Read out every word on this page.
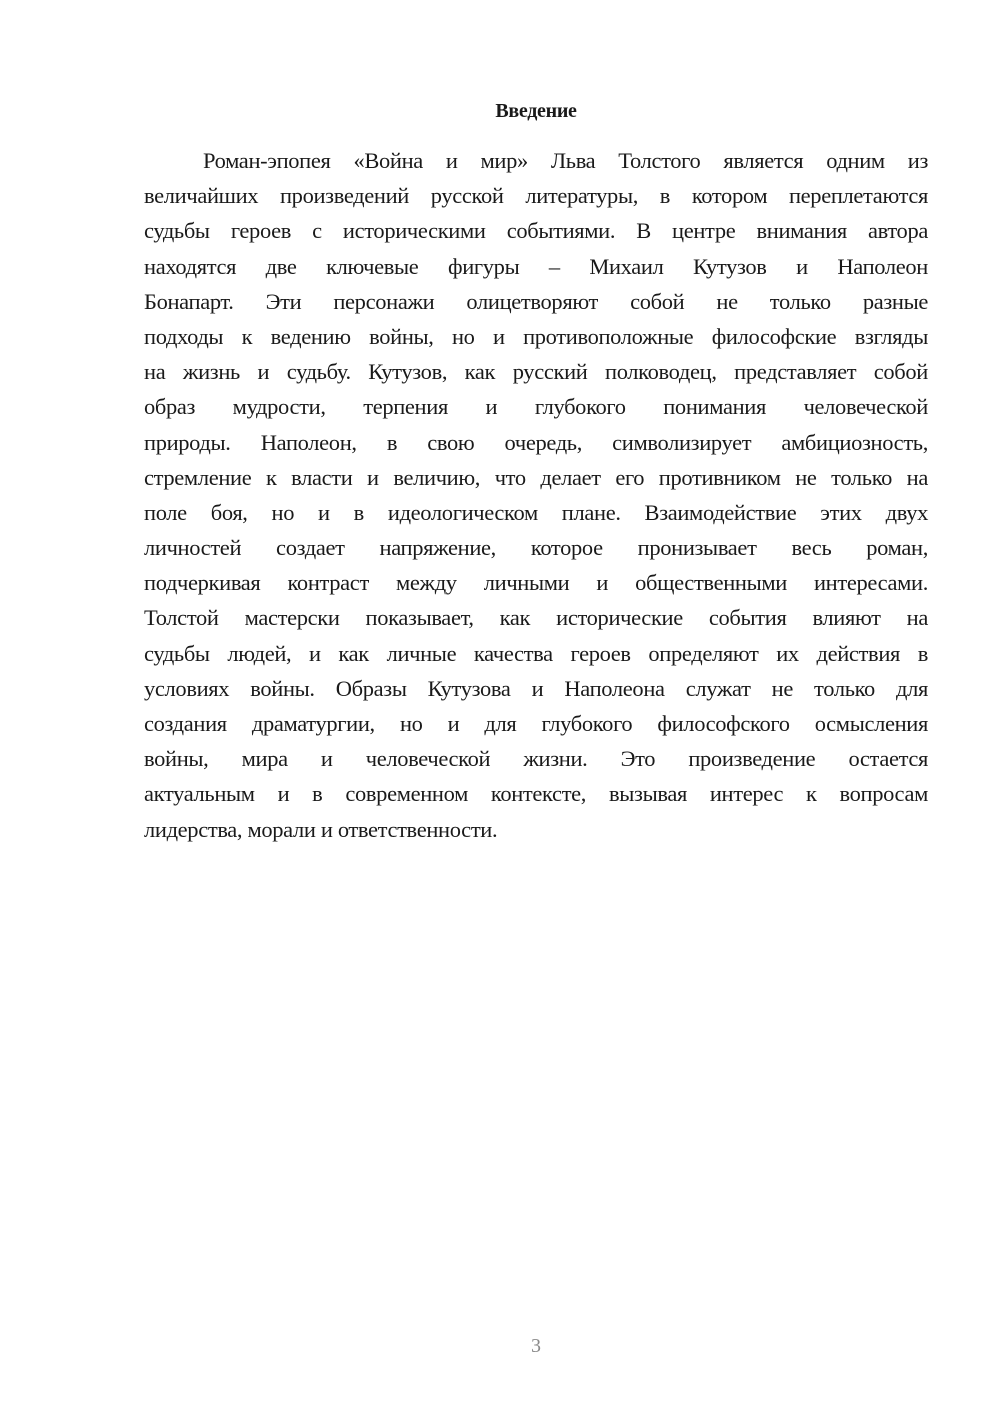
Введение
Роман-эпопея «Война и мир» Льва Толстого является одним из
величайших произведений русской литературы, в котором переплетаются
судьбы героев с историческими событиями. В центре внимания автора
находятся две ключевые фигуры – Михаил Кутузов и Наполеон
Бонапарт. Эти персонажи олицетворяют собой не только разные
подходы к ведению войны, но и противоположные философские взгляды
на жизнь и судьбу. Кутузов, как русский полководец, представляет собой
образ мудрости, терпения и глубокого понимания человеческой
природы. Наполеон, в свою очередь, символизирует амбициозность,
стремление к власти и величию, что делает его противником не только на
поле боя, но и в идеологическом плане. Взаимодействие этих двух
личностей создает напряжение, которое пронизывает весь роман,
подчеркивая контраст между личными и общественными интересами.
Толстой мастерски показывает, как исторические события влияют на
судьбы людей, и как личные качества героев определяют их действия в
условиях войны. Образы Кутузова и Наполеона служат не только для
создания драматургии, но и для глубокого философского осмысления
войны, мира и человеческой жизни. Это произведение остается
актуальным и в современном контексте, вызывая интерес к вопросам
лидерства, морали и ответственности.
3
